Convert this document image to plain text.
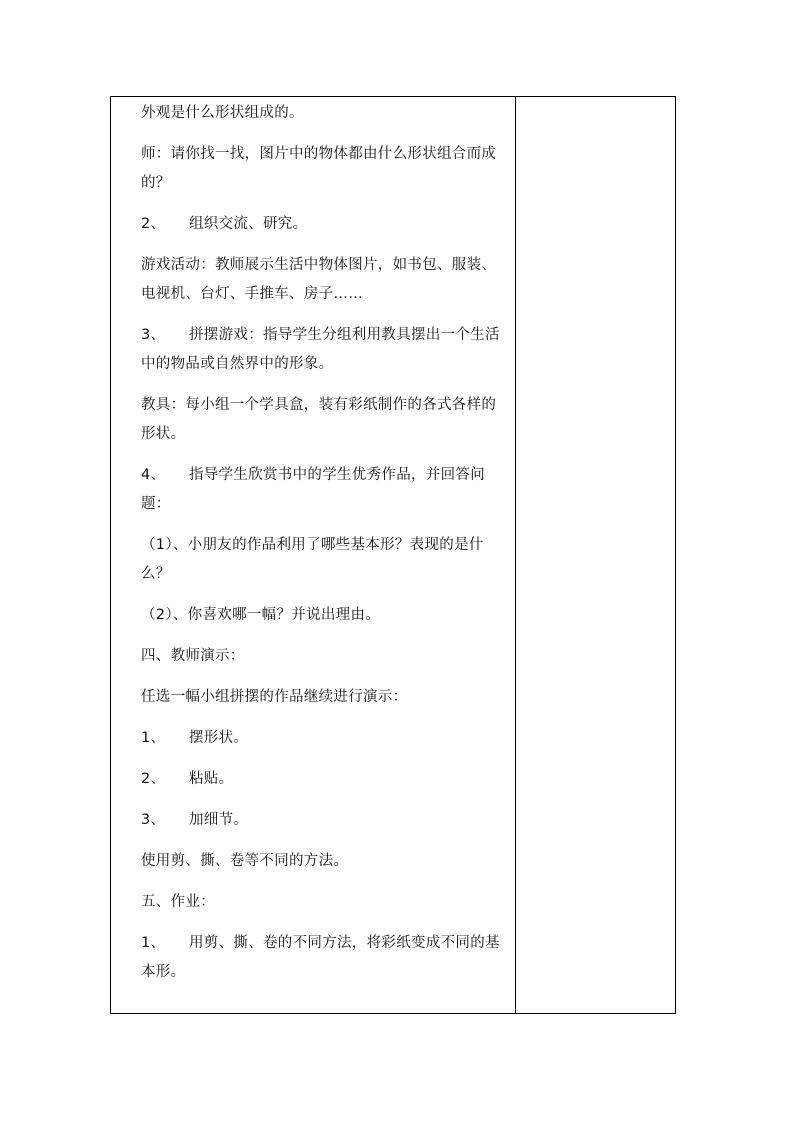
外观是什么形状组成的。

师：请你找一找，图片中的物体都由什么形状组合而成的？

2、 组织交流、研究。

游戏活动：教师展示生活中物体图片，如书包、服装、电视机、台灯、手推车、房子……

3、 拼摆游戏：指导学生分组利用教具摆出一个生活中的物品或自然界中的形象。

教具：每小组一个学具盒，装有彩纸制作的各式各样的形状。

4、 指导学生欣赏书中的学生优秀作品，并回答问题：

（1）、小朋友的作品利用了哪些基本形？表现的是什么？

（2）、你喜欢哪一幅？并说出理由。

四、教师演示：

任选一幅小组拼摆的作品继续进行演示：

1、 摆形状。

2、 粘贴。

3、 加细节。

使用剪、撕、卷等不同的方法。

五、作业：

1、 用剪、撕、卷的不同方法，将彩纸变成不同的基本形。
